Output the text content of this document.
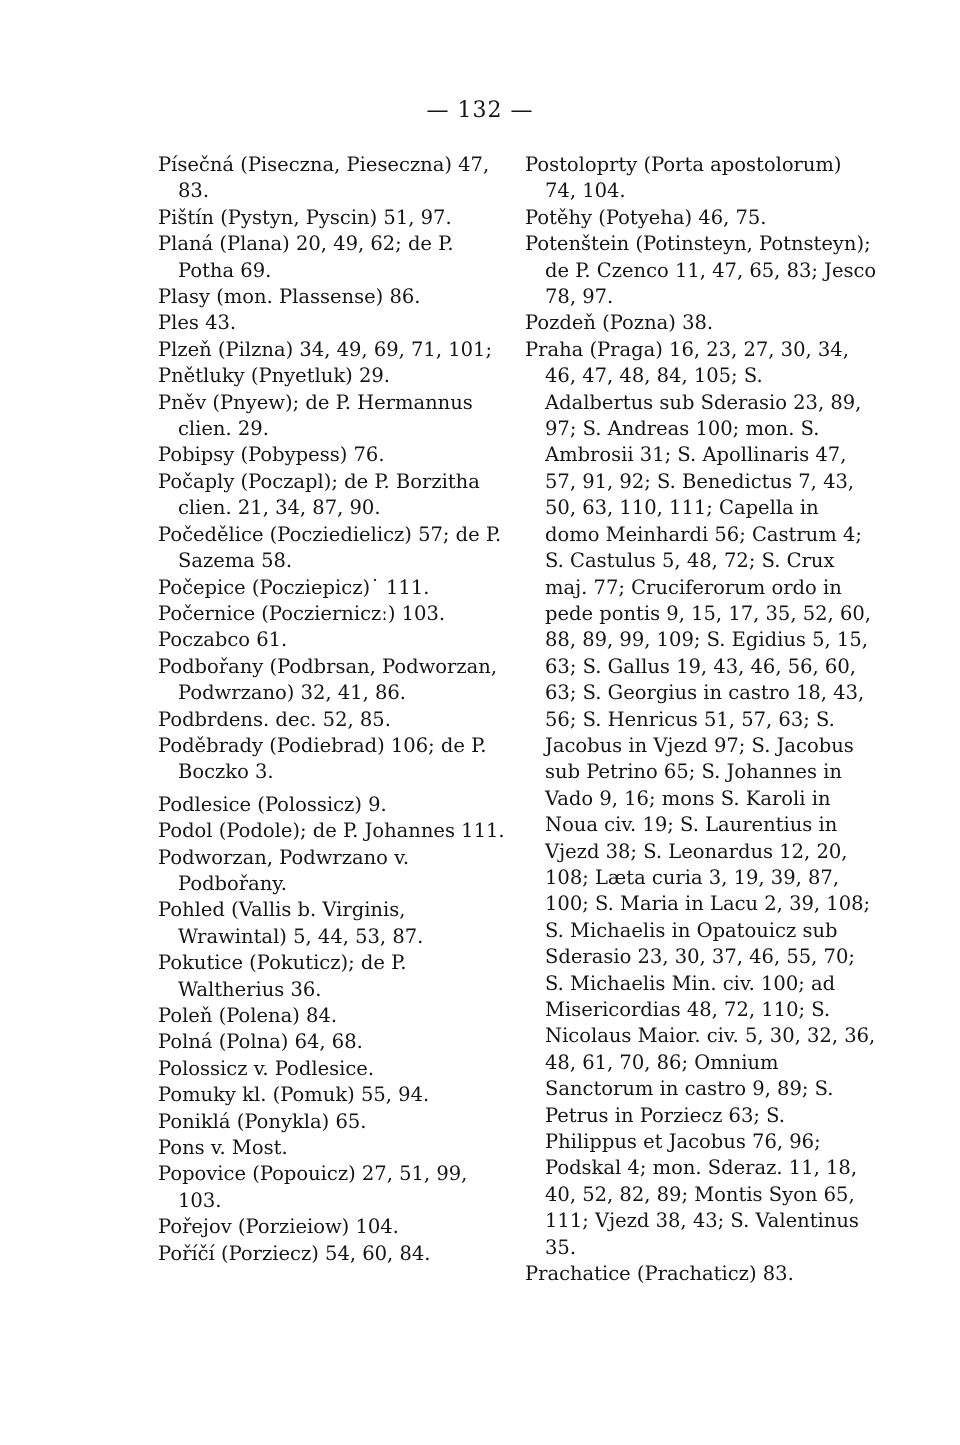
— 132 —

Písečná (Piseczna, Pieseczna) 47, 83.

Pištín (Pystyn, Pyscin) 51, 97.

Planá (Plana) 20, 49, 62; de P. Potha 69.

Plasy (mon. Plassense) 86.

Ples 43.

Plzeň (Pilzna) 34, 49, 69, 71, 101;

Pnětluky (Pnyetluk) 29.

Pněv (Pnyew); de P. Hermannus clien. 29.

Pobipsy (Pobypess) 76.

Počaply (Poczapl); de P. Borzitha clien. 21, 34, 87, 90.

Počedělice (Pocziedielicz) 57; de P. Sazema 58.

Počepice (Pocziepicz)˙ 111.

Počernice (Poczierniczː) 103.

Poczabco 61.

Podbořany (Podbrsan, Podworzan, Podwrzano) 32, 41, 86.

Podbrdens. dec. 52, 85.

Poděbrady (Podiebrad) 106; de P. Boczko 3.

Podlesice (Polossicz) 9.

Podol (Podole); de P. Johannes 111.

Podworzan, Podwrzano v. Podbořany.

Pohled (Vallis b. Virginis, Wrawintal) 5, 44, 53, 87.

Pokutice (Pokuticz); de P. Waltherius 36.

Poleň (Polena) 84.

Polná (Polna) 64, 68.

Polossicz v. Podlesice.

Pomuky kl. (Pomuk) 55, 94.

Poniklá (Ponykla) 65.

Pons v. Most.

Popovice (Popouicz) 27, 51, 99, 103.

Pořejov (Porzieiow) 104.

Poříčí (Porziecz) 54, 60, 84.

Postoloprty (Porta apostolorum) 74, 104.

Potěhy (Potyeha) 46, 75.

Potenštein (Potinsteyn, Potnsteyn); de P. Czenco 11, 47, 65, 83; Jesco 78, 97.

Pozdeň (Pozna) 38.

Praha (Praga) 16, 23, 27, 30, 34, 46, 47, 48, 84, 105; S. Adalbertus sub Sderasio 23, 89, 97; S. Andreas 100; mon. S. Ambrosii 31; S. Apollinaris 47, 57, 91, 92; S. Benedictus 7, 43, 50, 63, 110, 111; Capella in domo Meinhardi 56; Castrum 4; S. Castulus 5, 48, 72; S. Crux maj. 77; Cruciferorum ordo in pede pontis 9, 15, 17, 35, 52, 60, 88, 89, 99, 109; S. Egidius 5, 15, 63; S. Gallus 19, 43, 46, 56, 60, 63; S. Georgius in castro 18, 43, 56; S. Henricus 51, 57, 63; S. Jacobus in Vjezd 97; S. Jacobus sub Petrino 65; S. Johannes in Vado 9, 16; mons S. Karoli in Noua civ. 19; S. Laurentius in Vjezd 38; S. Leonardus 12, 20, 108; Læta curia 3, 19, 39, 87, 100; S. Maria in Lacu 2, 39, 108; S. Michaelis in Opatouicz sub Sderasio 23, 30, 37, 46, 55, 70; S. Michaelis Min. civ. 100; ad Misericordias 48, 72, 110; S. Nicolaus Maior. civ. 5, 30, 32, 36, 48, 61, 70, 86; Omnium Sanctorum in castro 9, 89; S. Petrus in Porziecz 63; S. Philippus et Jacobus 76, 96; Podskal 4; mon. Sderaz. 11, 18, 40, 52, 82, 89; Montis Syon 65, 111; Vjezd 38, 43; S. Valentinus 35.

Prachatice (Prachaticz) 83.
